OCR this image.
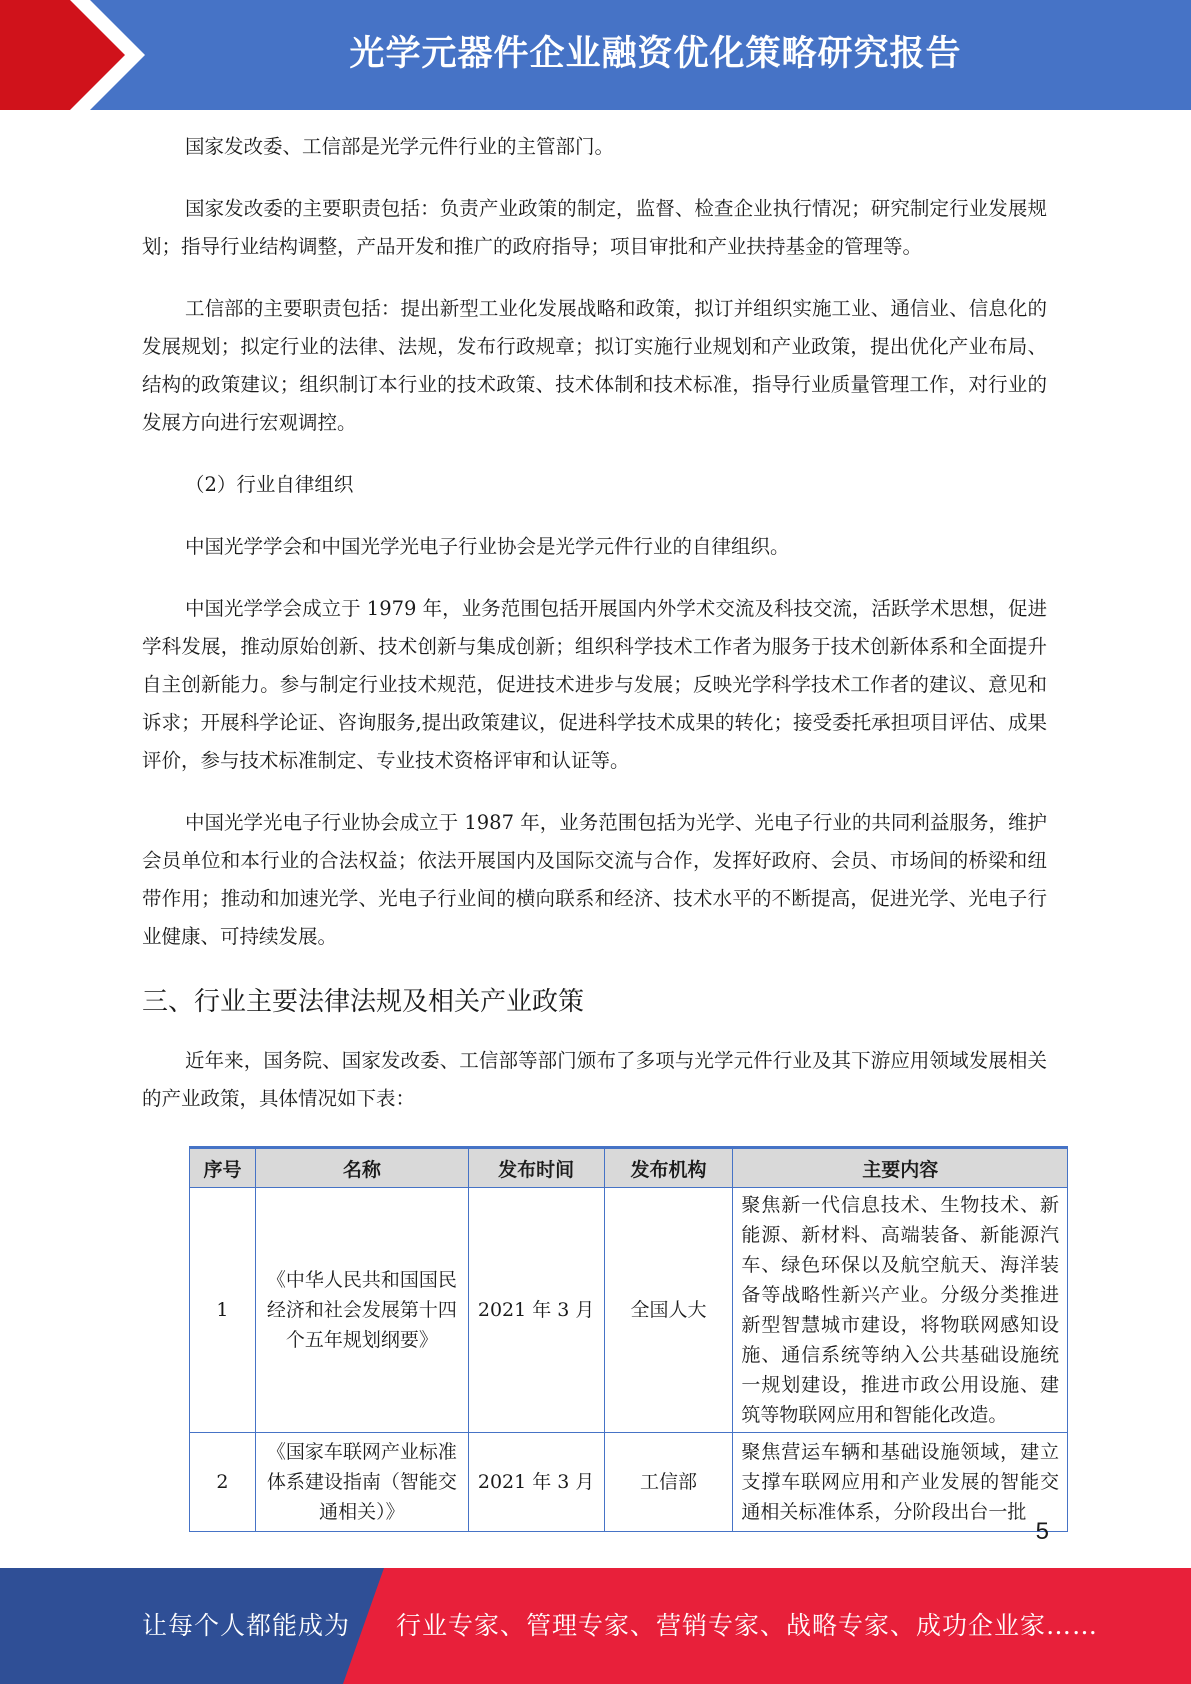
光学元器件企业融资优化策略研究报告

国家发改委、工信部是光学元件行业的主管部门。

国家发改委的主要职责包括：负责产业政策的制定，监督、检查企业执行情况；研究制定行业发展规划；指导行业结构调整，产品开发和推广的政府指导；项目审批和产业扶持基金的管理等。

工信部的主要职责包括：提出新型工业化发展战略和政策，拟订并组织实施工业、通信业、信息化的发展规划；拟定行业的法律、法规，发布行政规章；拟订实施行业规划和产业政策，提出优化产业布局、结构的政策建议；组织制订本行业的技术政策、技术体制和技术标准，指导行业质量管理工作，对行业的发展方向进行宏观调控。

（2）行业自律组织

中国光学学会和中国光学光电子行业协会是光学元件行业的自律组织。

中国光学学会成立于 1979 年，业务范围包括开展国内外学术交流及科技交流，活跃学术思想，促进学科发展，推动原始创新、技术创新与集成创新；组织科学技术工作者为服务于技术创新体系和全面提升自主创新能力。参与制定行业技术规范，促进技术进步与发展；反映光学科学技术工作者的建议、意见和诉求；开展科学论证、咨询服务,提出政策建议，促进科学技术成果的转化；接受委托承担项目评估、成果评价，参与技术标准制定、专业技术资格评审和认证等。

中国光学光电子行业协会成立于 1987 年，业务范围包括为光学、光电子行业的共同利益服务，维护会员单位和本行业的合法权益；依法开展国内及国际交流与合作，发挥好政府、会员、市场间的桥梁和纽带作用；推动和加速光学、光电子行业间的横向联系和经济、技术水平的不断提高，促进光学、光电子行业健康、可持续发展。

三、行业主要法律法规及相关产业政策

近年来，国务院、国家发改委、工信部等部门颁布了多项与光学元件行业及其下游应用领域发展相关的产业政策，具体情况如下表：

序号	名称	发布时间	发布机构	主要内容
1	《中华人民共和国国民经济和社会发展第十四个五年规划纲要》	2021 年 3 月	全国人大	聚焦新一代信息技术、生物技术、新能源、新材料、高端装备、新能源汽车、绿色环保以及航空航天、海洋装备等战略性新兴产业。分级分类推进新型智慧城市建设，将物联网感知设施、通信系统等纳入公共基础设施统一规划建设，推进市政公用设施、建筑等物联网应用和智能化改造。
2	《国家车联网产业标准体系建设指南（智能交通相关）》	2021 年 3 月	工信部	聚焦营运车辆和基础设施领域，建立支撑车联网应用和产业发展的智能交通相关标准体系，分阶段出台一批
5
让每个人都能成为 行业专家、管理专家、营销专家、战略专家、成功企业家……
